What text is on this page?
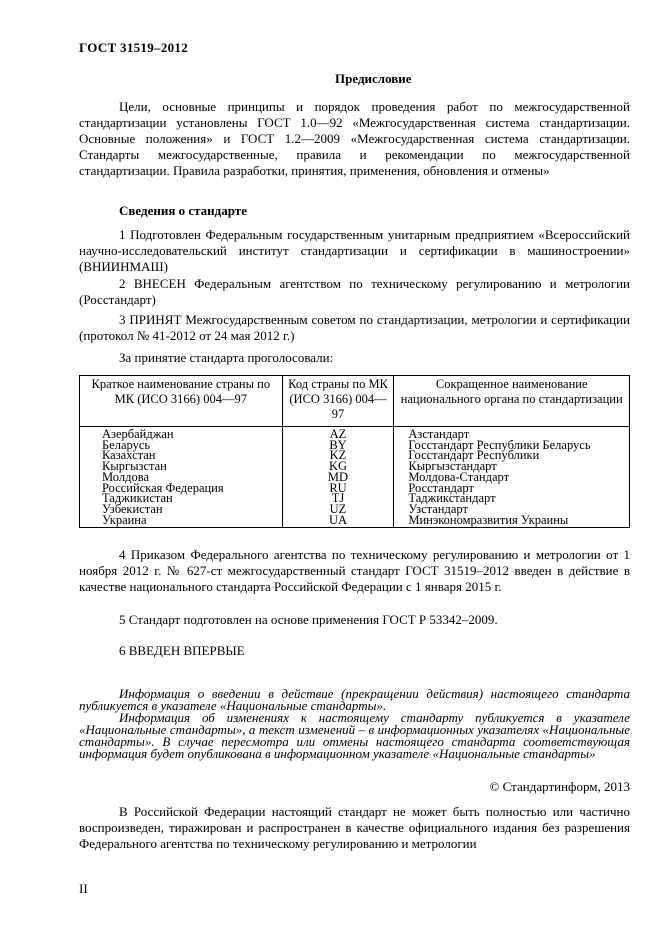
ГОСТ 31519–2012
Предисловие

Цели, основные принципы и порядок проведения работ по межгосударственной стандартизации установлены ГОСТ 1.0—92 «Межгосударственная система стандартизации. Основные положения» и ГОСТ 1.2—2009 «Межгосударственная система стандартизации. Стандарты межгосударственные, правила и рекомендации по межгосударственной стандартизации. Правила разработки, принятия, применения, обновления и отмены»

Сведения о стандарте

1 Подготовлен Федеральным государственным унитарным предприятием «Всероссийский научно-исследовательский институт стандартизации и сертификации в машиностроении» (ВНИИНМАШ)

2 ВНЕСЕН Федеральным агентством по техническому регулированию и метрологии (Росстандарт)

3 ПРИНЯТ Межгосударственным советом по стандартизации, метрологии и сертификации (протокол № 41-2012 от 24 мая 2012 г.)

За принятие стандарта проголосовали:

Краткое наименование страны по МК (ИСО 3166) 004—97	Код страны по МК (ИСО 3166) 004—97	Сокращенное наименование национального органа по стандартизации
Азербайджан	AZ	Азстандарт
Беларусь	BY	Госстандарт Республики Беларусь
Казахстан	KZ	Госстандарт Республики
Кыргызстан	KG	Кыргызстандарт
Молдова	MD	Молдова-Стандарт
Российская Федерация	RU	Росстандарт
Таджикистан	TJ	Таджикстандарт
Узбекистан	UZ	Узстандарт
Украина	UA	Минэкономразвития Украины

4 Приказом Федерального агентства по техническому регулированию и метрологии от 1 ноября 2012 г. № 627-ст межгосударственный стандарт ГОСТ 31519–2012 введен в действие в качестве национального стандарта Российской Федерации с 1 января 2015 г.

5 Стандарт подготовлен на основе применения ГОСТ Р 53342–2009.

6 ВВЕДЕН ВПЕРВЫЕ

Информация о введении в действие (прекращении действия) настоящего стандарта публикуется в указателе «Национальные стандарты».

Информация об изменениях к настоящему стандарту публикуется в указателе «Национальные стандарты», а текст изменений – в информационных указателях «Национальные стандарты». В случае пересмотра или отмены настоящего стандарта соответствующая информация будет опубликована в информационном указателе «Национальные стандарты»

© Стандартинформ, 2013

В Российской Федерации настоящий стандарт не может быть полностью или частично воспроизведен, тиражирован и распространен в качестве официального издания без разрешения Федерального агентства по техническому регулированию и метрологии

II
